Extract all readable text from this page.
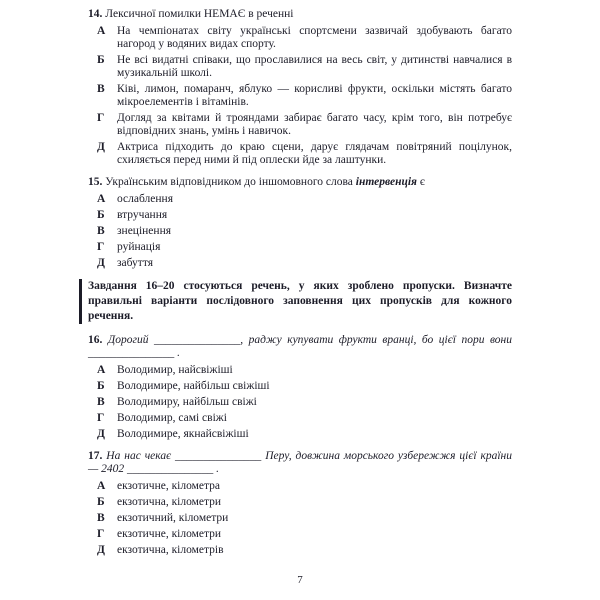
14. Лексичної помилки НЕМАЄ в реченні

А	На чемпіонатах світу українські спортсмени зазвичай здобувають багато нагород у водяних видах спорту.
Б	Не всі видатні співаки, що прославилися на весь світ, у дитинстві навчалися в музикальній школі.
В	Ківі, лимон, помаранч, яблуко — корисливі фрукти, оскільки містять багато мікроелементів і вітамінів.
Г	Догляд за квітами й трояндами забирає багато часу, крім того, він потребує відповідних знань, умінь і навичок.
Д	Актриса підходить до краю сцени, дарує глядачам повітряний поцілунок, схиляється перед ними й під оплески йде за лаштунки.

15. Українським відповідником до іншомовного слова інтервенція є

А	ослаблення
Б	втручання
В	знецінення
Г	руйнація
Д	забуття
Завдання 16–20 стосуються речень, у яких зроблено пропуски. Визначте правильні варіанти послідовного заповнення цих пропусків для кожного речення.

16. Дорогий _______________, раджу купувати фрукти вранці, бо цієї пори вони _______________ .

А	Володимир, найсвіжіші
Б	Володимире, найбільш свіжіші
В	Володимиру, найбільш свіжі
Г	Володимир, самі свіжі
Д	Володимире, якнайсвіжіші

17. На нас чекає _______________ Перу, довжина морського узбережжя цієї країни — 2402 _______________ .

А	екзотичне, кілометра
Б	екзотична, кілометри
В	екзотичний, кілометри
Г	екзотичне, кілометри
Д	екзотична, кілометрів
7
